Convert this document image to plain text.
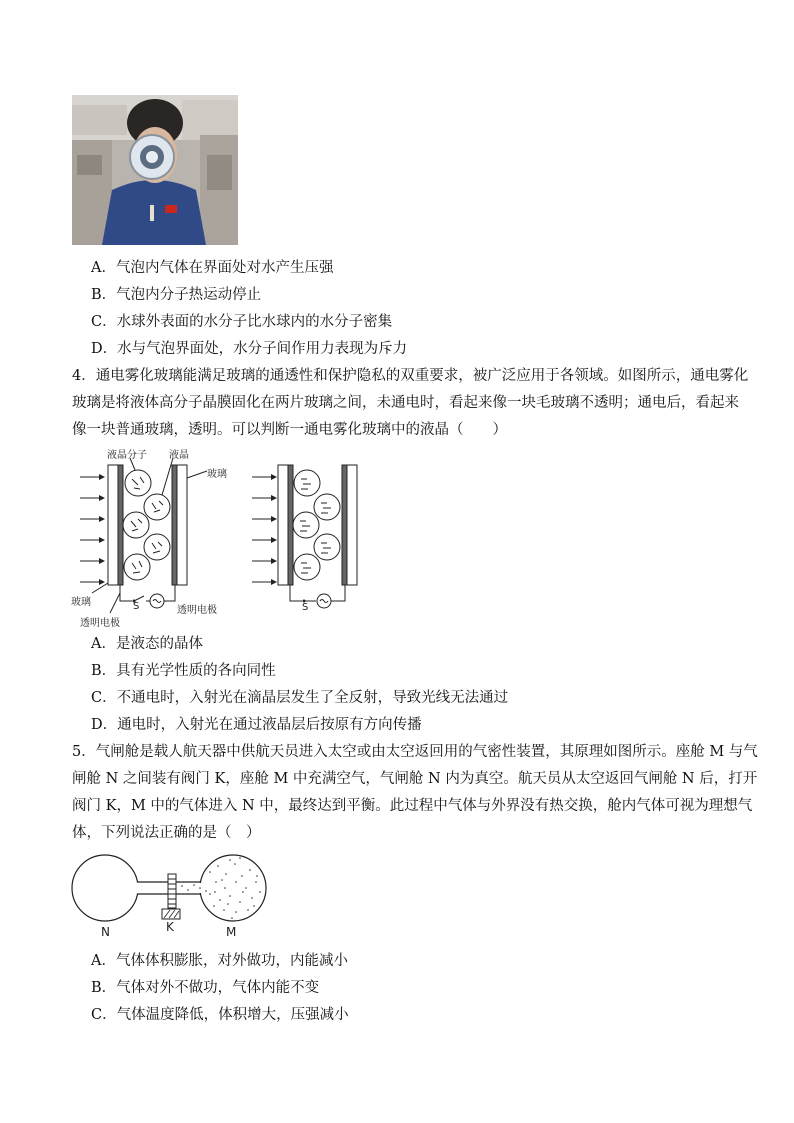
A．气泡内气体在界面处对水产生压强
B．气泡内分子热运动停止
C．水球外表面的水分子比水球内的水分子密集
D．水与气泡界面处，水分子间作用力表现为斥力
4．通电雾化玻璃能满足玻璃的通透性和保护隐私的双重要求，被广泛应用于各领域。如图所示，通电雾化
玻璃是将液体高分子晶膜固化在两片玻璃之间，未通电时，看起来像一块毛玻璃不透明；通电后，看起来
像一块普通玻璃，透明。可以判断一通电雾化玻璃中的液晶（　　）
液晶分子 液晶
玻璃
玻璃
透明电极
透明电极
S	S
A．是液态的晶体
B．具有光学性质的各向同性
C．不通电时，入射光在滴晶层发生了全反射，导致光线无法通过
D．通电时，入射光在通过液晶层后按原有方向传播
5．气闸舱是载人航天器中供航天员进入太空或由太空返回用的气密性装置，其原理如图所示。座舱 M 与气
闸舱 N 之间装有阀门 K，座舱 M 中充满空气，气闸舱 N 内为真空。航天员从太空返回气闸舱 N 后，打开
阀门 K，M 中的气体进入 N 中，最终达到平衡。此过程中气体与外界没有热交换，舱内气体可视为理想气
体，下列说法正确的是（　）
N	K	M
A．气体体积膨胀，对外做功，内能减小
B．气体对外不做功，气体内能不变
C．气体温度降低，体积增大，压强减小
